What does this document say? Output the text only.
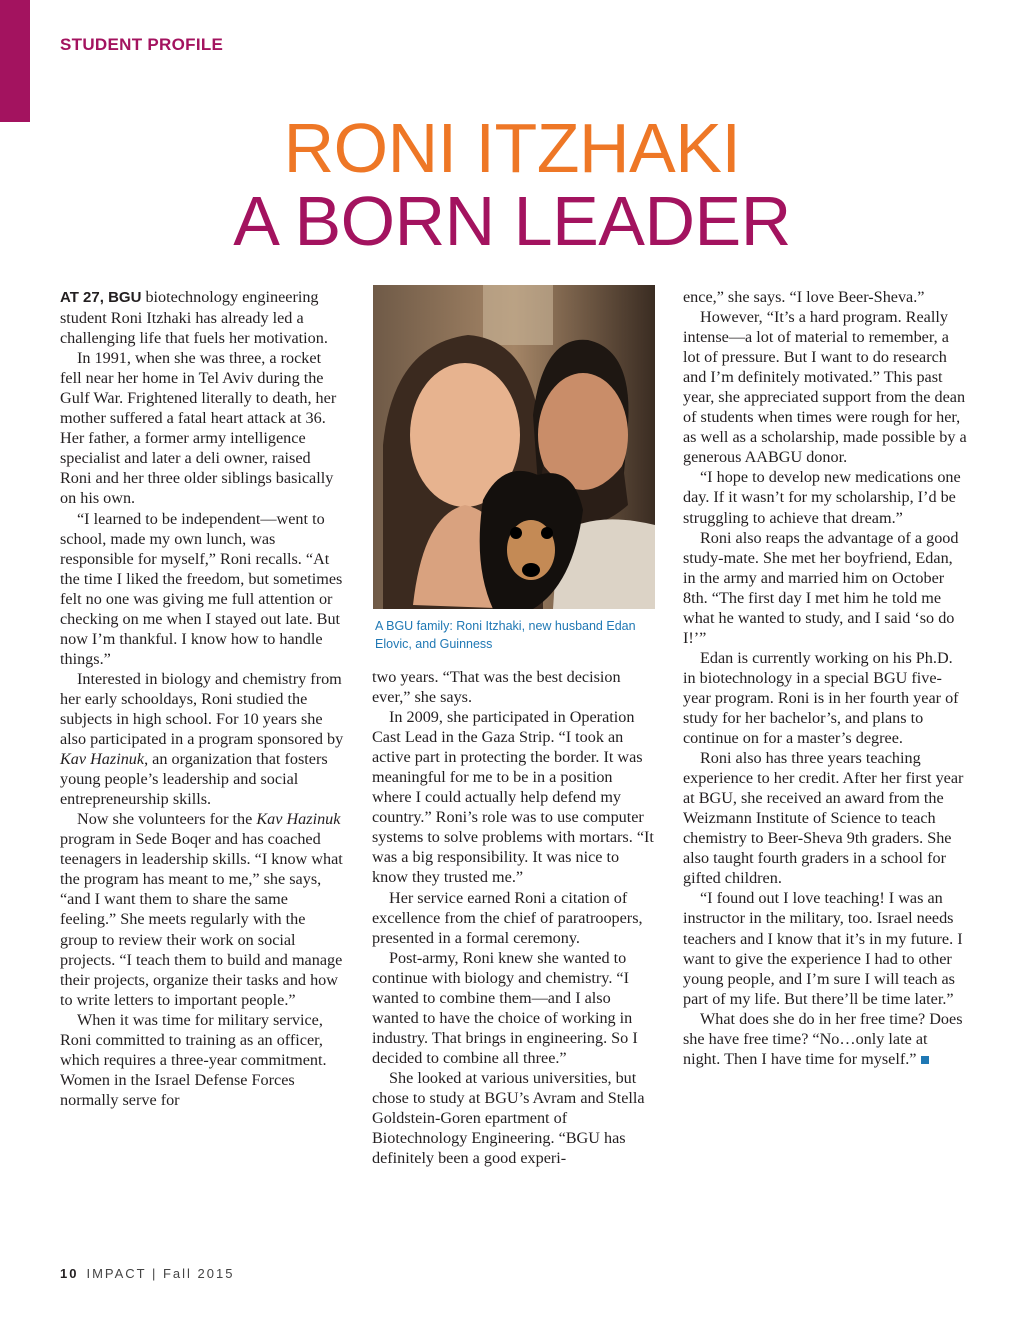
STUDENT PROFILE
RONI ITZHAKI
A BORN LEADER

AT 27, BGU biotechnology engineering student Roni Itzhaki has already led a challenging life that fuels her motivation.

In 1991, when she was three, a rocket fell near her home in Tel Aviv during the Gulf War. Frightened literally to death, her mother suffered a fatal heart attack at 36. Her father, a former army intelligence specialist and later a deli owner, raised Roni and her three older siblings basically on his own.

“I learned to be independent—went to school, made my own lunch, was responsible for myself,” Roni recalls. “At the time I liked the freedom, but sometimes felt no one was giving me full attention or checking on me when I stayed out late. But now I’m thankful. I know how to handle things.”

Interested in biology and chemistry from her early schooldays, Roni studied the subjects in high school. For 10 years she also participated in a program sponsored by Kav Hazinuk, an organization that fosters young people’s leadership and social entrepreneurship skills.

Now she volunteers for the Kav Hazinuk program in Sede Boqer and has coached teenagers in leadership skills. “I know what the program has meant to me,” she says, “and I want them to share the same feeling.” She meets regularly with the group to review their work on social projects. “I teach them to build and manage their projects, organize their tasks and how to write letters to important people.”

When it was time for military service, Roni committed to training as an officer, which requires a three-year commitment. Women in the Israel Defense Forces normally serve for

A BGU family: Roni Itzhaki, new husband Edan Elovic, and Guinness

two years. “That was the best decision ever,” she says.

In 2009, she participated in Operation Cast Lead in the Gaza Strip. “I took an active part in protecting the border. It was meaningful for me to be in a position where I could actually help defend my country.” Roni’s role was to use computer systems to solve problems with mortars. “It was a big responsibility. It was nice to know they trusted me.”

Her service earned Roni a citation of excellence from the chief of paratroopers, presented in a formal ceremony.

Post-army, Roni knew she wanted to continue with biology and chemistry. “I wanted to combine them—and I also wanted to have the choice of working in industry. That brings in engineering. So I decided to combine all three.”

She looked at various universities, but chose to study at BGU’s Avram and Stella Goldstein-Goren epartment of Biotechnology Engineering. “BGU has definitely been a good experi-

ence,” she says. “I love Beer-Sheva.”

However, “It’s a hard program. Really intense—a lot of material to remember, a lot of pressure. But I want to do research and I’m definitely motivated.” This past year, she appreciated support from the dean of students when times were rough for her, as well as a scholarship, made possible by a generous AABGU donor.

“I hope to develop new medications one day. If it wasn’t for my scholarship, I’d be struggling to achieve that dream.”

Roni also reaps the advantage of a good study-mate. She met her boyfriend, Edan, in the army and married him on October 8th. “The first day I met him he told me what he wanted to study, and I said ‘so do I!’”

Edan is currently working on his Ph.D. in biotechnology in a special BGU five-year program. Roni is in her fourth year of study for her bachelor’s, and plans to continue on for a master’s degree.

Roni also has three years teaching experience to her credit. After her first year at BGU, she received an award from the Weizmann Institute of Science to teach chemistry to Beer-Sheva 9th graders. She also taught fourth graders in a school for gifted children.

“I found out I love teaching! I was an instructor in the military, too. Israel needs teachers and I know that it’s in my future. I want to give the experience I had to other young people, and I’m sure I will teach as part of my life. But there’ll be time later.”

What does she do in her free time? Does she have free time? “No…only late at night. Then I have time for myself.”

10 IMPACT | Fall 2015
